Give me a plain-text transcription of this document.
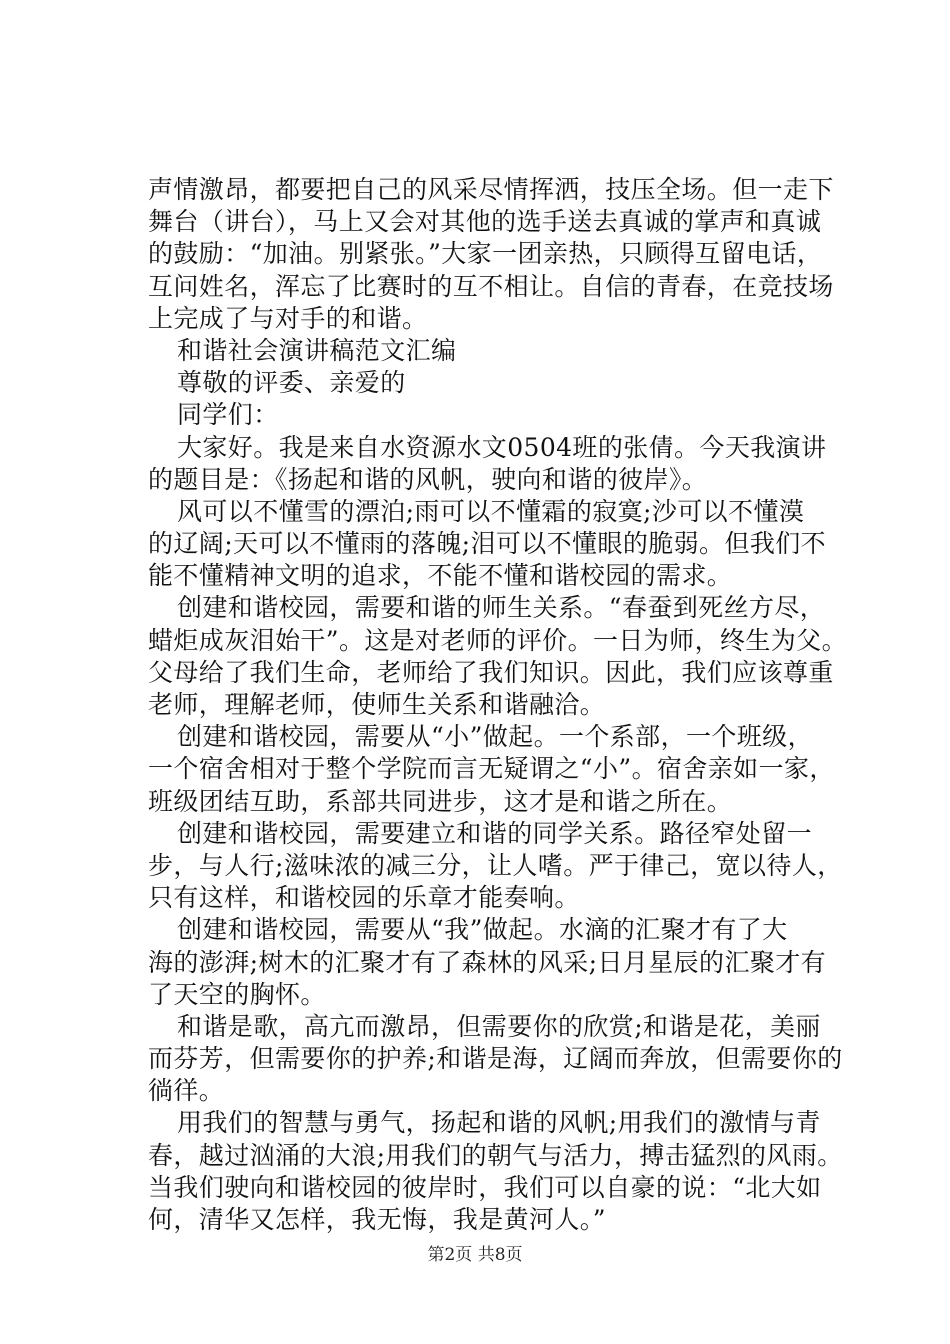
声情激昂，都要把自己的风采尽情挥洒，技压全场。但一走下
舞台（讲台），马上又会对其他的选手送去真诚的掌声和真诚
的鼓励：“加油。别紧张。”大家一团亲热，只顾得互留电话，
互问姓名，浑忘了比赛时的互不相让。自信的青春，在竞技场
上完成了与对手的和谐。
和谐社会演讲稿范文汇编
尊敬的评委、亲爱的
同学们：
大家好。我是来自水资源水文0504班的张倩。今天我演讲
的题目是：《扬起和谐的风帆，驶向和谐的彼岸》。
风可以不懂雪的漂泊;雨可以不懂霜的寂寞;沙可以不懂漠
的辽阔;天可以不懂雨的落魄;泪可以不懂眼的脆弱。但我们不
能不懂精神文明的追求，不能不懂和谐校园的需求。
创建和谐校园，需要和谐的师生关系。“春蚕到死丝方尽，
蜡炬成灰泪始干”。这是对老师的评价。一日为师，终生为父。
父母给了我们生命，老师给了我们知识。因此，我们应该尊重
老师，理解老师，使师生关系和谐融洽。
创建和谐校园，需要从“小”做起。一个系部，一个班级，
一个宿舍相对于整个学院而言无疑谓之“小”。宿舍亲如一家，
班级团结互助，系部共同进步，这才是和谐之所在。
创建和谐校园，需要建立和谐的同学关系。路径窄处留一
步，与人行;滋味浓的减三分，让人嗜。严于律己，宽以待人，
只有这样，和谐校园的乐章才能奏响。
创建和谐校园，需要从“我”做起。水滴的汇聚才有了大
海的澎湃;树木的汇聚才有了森林的风采;日月星辰的汇聚才有
了天空的胸怀。
和谐是歌，高亢而激昂，但需要你的欣赏;和谐是花，美丽
而芬芳，但需要你的护养;和谐是海，辽阔而奔放，但需要你的
徜徉。
用我们的智慧与勇气，扬起和谐的风帆;用我们的激情与青
春，越过汹涌的大浪;用我们的朝气与活力，搏击猛烈的风雨。
当我们驶向和谐校园的彼岸时，我们可以自豪的说：“北大如
何，清华又怎样，我无悔，我是黄河人。”
第2页 共8页
